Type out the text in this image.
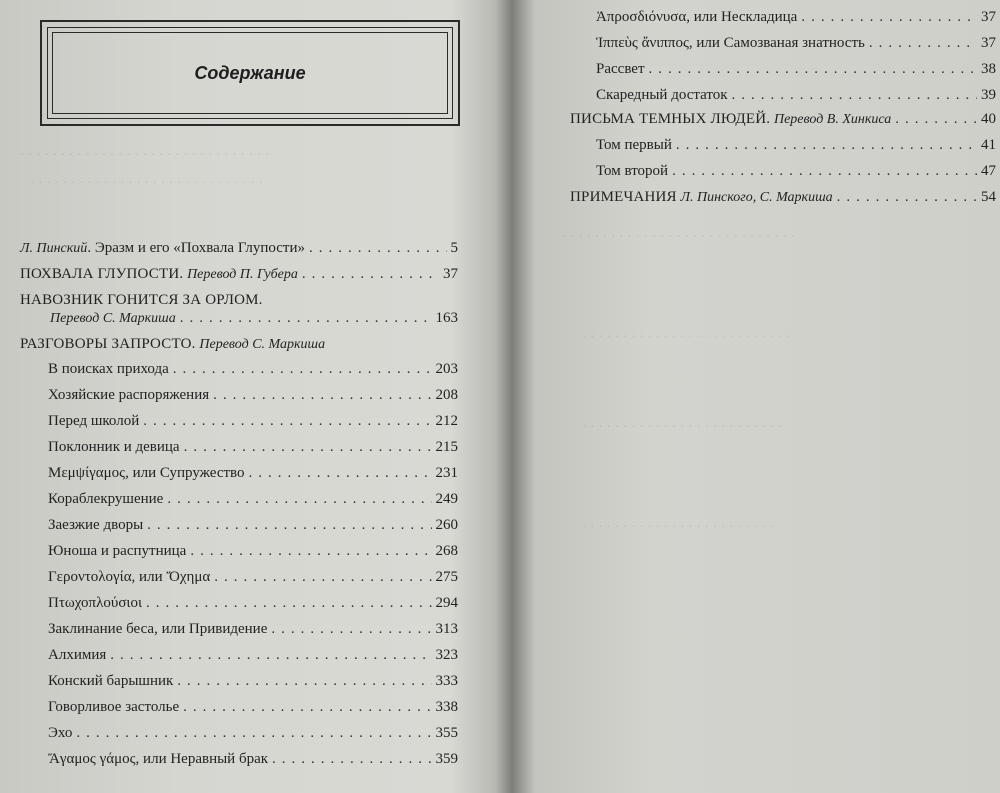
· · · · · · · · · · · · · · · · · · · · · · · · · · · · · · ·
· · · · · · · · · · · · · · · · · · · · · · · · · · · · ·
Содержание
Л. Пинский . Эразм и его «Похвала Глупости» .....	5
ПОХВАЛА ГЛУПОСТИ.
Перевод П. Губера .....	37
НАВОЗНИК ГОНИТСЯ ЗА ОРЛОМ.
Перевод С. Маркиша .....	163
РАЗГОВОРЫ ЗАПРОСТО.
Перевод С. Маркиша
В поисках прихода .....	203
Хозяйские распоряжения .....	208
Перед школой .....	212
Поклонник и девица .....	215
Μεμψίγαμος, или Супружество .....	231
Кораблекрушение .....	249
Заезжие дворы .....	260
Юноша и распутница .....	268
Γεροντολογία, или Ὄχημα .....	275
Πτωχοπλούσιοι .....	294
Заклинание беса, или Привидение .....	313
Алхимия .....	323
Конский барышник .....	333
Говорливое застолье .....	338
Эхо .....	355
Ἄγαμος γάμος, или Неравный брак .....	359
· · · · · · · · · · · · · · · · · · · · · · · · · · · · ·
· · · · · · · · · · · · · · · · · · · · · · · · · ·
· · · · · · · · · · · · · · · · · · · · · · · · ·
· · · · · · · · · · · · · · · · · · · · · · · ·
Ἀπροσδιόνυσα, или Нескладица .....	37
Ἱππεὺς ἄνιππος, или Самозваная знатность .....	37
Рассвет .....	38
Скаредный достаток .....	39
ПИСЬМА ТЕМНЫХ ЛЮДЕЙ.
Перевод В. Хинкиса .....	40
Том первый .....	41
Том второй .....	47
ПРИМЕЧАНИЯ
Л. Пинского, С. Маркиша .....	54
